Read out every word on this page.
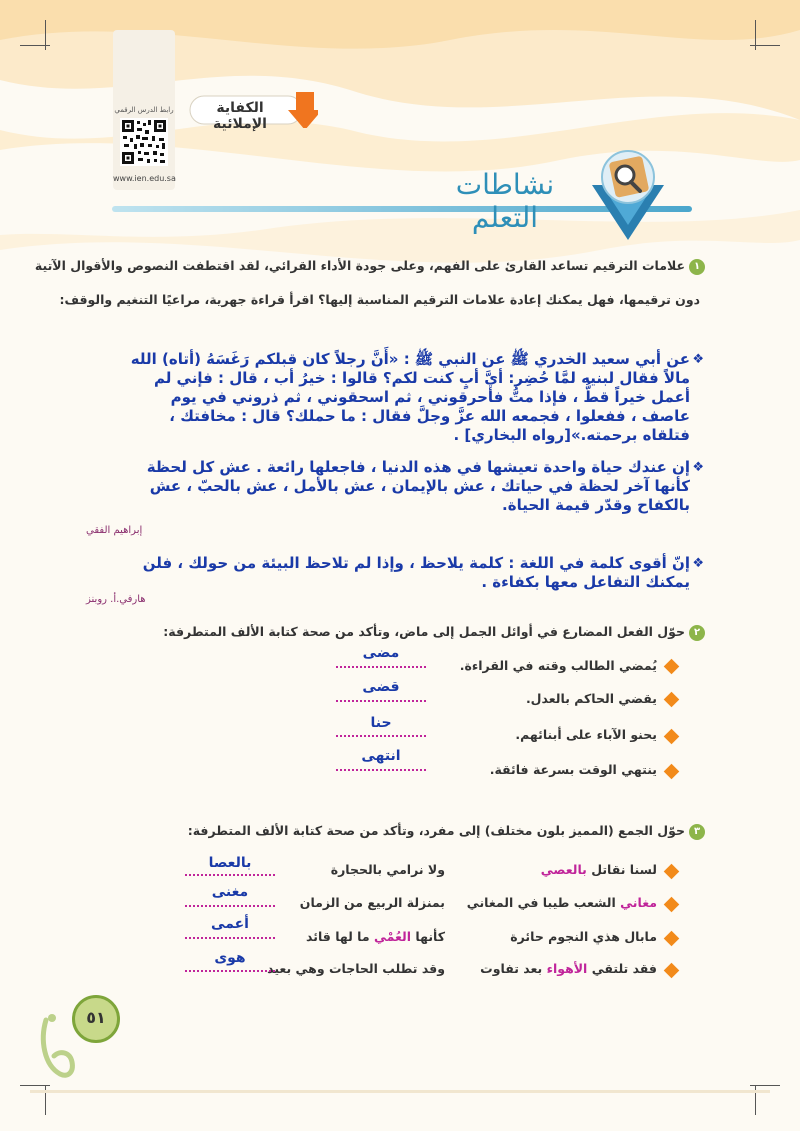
رابط الدرس الرقمي
www.ien.edu.sa
الكفاية الإملائية
نشاطات التعلم
١علامات الترقيم تساعد القارئ على الفهم، وعلى جودة الأداء القرائي، لقد اقتطفت النصوص والأقوال الآتية
دون ترقيمها، فهل يمكنك إعادة علامات الترقيم المناسبة إليها؟ اقرأ قراءة جهرية، مراعيًا التنغيم والوقف:
❖
عن أبي سعيد الخدري ﷺ عن النبي ﷺ : «أَنَّ رجلاً كان قبلكم رَغَسَهُ (أتاه) الله مالاً فقال لبنيه لمَّا حُضِر: أيَّ أبٍ كنت لكم؟ قالوا : خيرُ أب ، قال : فإني لم أعمل خيراً قطُّ ، فإذا متُّ فأحرقوني ، ثم اسحقوني ، ثم ذروني في يوم عاصف ، ففعلوا ، فجمعه الله عزَّ وجلَّ فقال : ما حملك؟ قال : مخافتك ، فتلقاه برحمته.»[رواه البخاري] .
❖
إن عندك حياة واحدة تعيشها في هذه الدنيا ، فاجعلها رائعة . عش كل لحظة كأنها آخر لحظة في حياتك ، عش بالإيمان ، عش بالأمل ، عش بالحبّ ، عش بالكفاح وقدّر قيمة الحياة.
إبراهيم الفقي
❖
إنّ أقوى كلمة في اللغة : كلمة يلاحظ ، وإذا لم تلاحظ البيئة من حولك ، فلن يمكنك التفاعل معها بكفاءة .
هارفي.أ. روبنز
٢حوّل الفعل المضارع في أوائل الجمل إلى ماض، وتأكد من صحة كتابة الألف المتطرفة:
يُمضي الطالب وقته في القراءة.
مضى
يقضي الحاكم بالعدل.
قضى
يحنو الآباء على أبنائهم.
حنا
ينتهي الوقت بسرعة فائقة.
انتهى
٣حوّل الجمع (المميز بلون مختلف) إلى مفرد، وتأكد من صحة كتابة الألف المتطرفة:
لسنا نقاتل بالعصي
ولا نرامي بالحجارة
بالعصا
مغاني الشعب طيبا في المغاني
بمنزلة الربيع من الزمان
مغنى
مابال هذي النجوم حائرة
كأنها العُمْي ما لها قائد
أعمى
فقد تلتقي الأهواء بعد تفاوت
وقد تطلب الحاجات وهي بعيد
هوى
٥١
